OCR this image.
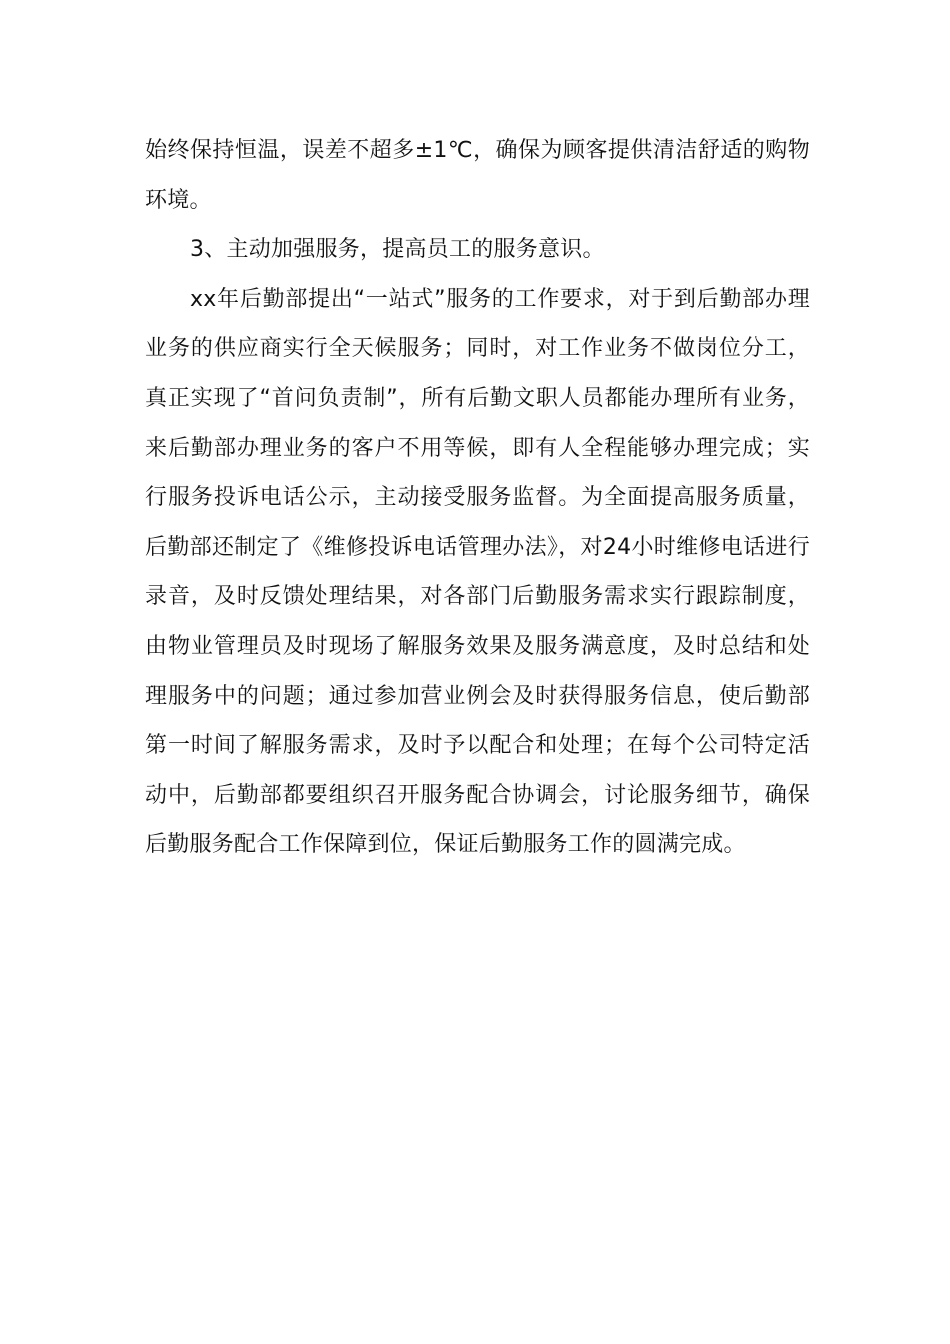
始终保持恒温，误差不超多±1℃，确保为顾客提供清洁舒适的购物环境。

3、主动加强服务，提高员工的服务意识。

xx年后勤部提出“一站式”服务的工作要求，对于到后勤部办理业务的供应商实行全天候服务；同时，对工作业务不做岗位分工，真正实现了“首问负责制”，所有后勤文职人员都能办理所有业务，来后勤部办理业务的客户不用等候，即有人全程能够办理完成；实行服务投诉电话公示，主动接受服务监督。为全面提高服务质量，后勤部还制定了《维修投诉电话管理办法》，对24小时维修电话进行录音，及时反馈处理结果，对各部门后勤服务需求实行跟踪制度，由物业管理员及时现场了解服务效果及服务满意度，及时总结和处理服务中的问题；通过参加营业例会及时获得服务信息，使后勤部第一时间了解服务需求，及时予以配合和处理；在每个公司特定活动中，后勤部都要组织召开服务配合协调会，讨论服务细节，确保后勤服务配合工作保障到位，保证后勤服务工作的圆满完成。
